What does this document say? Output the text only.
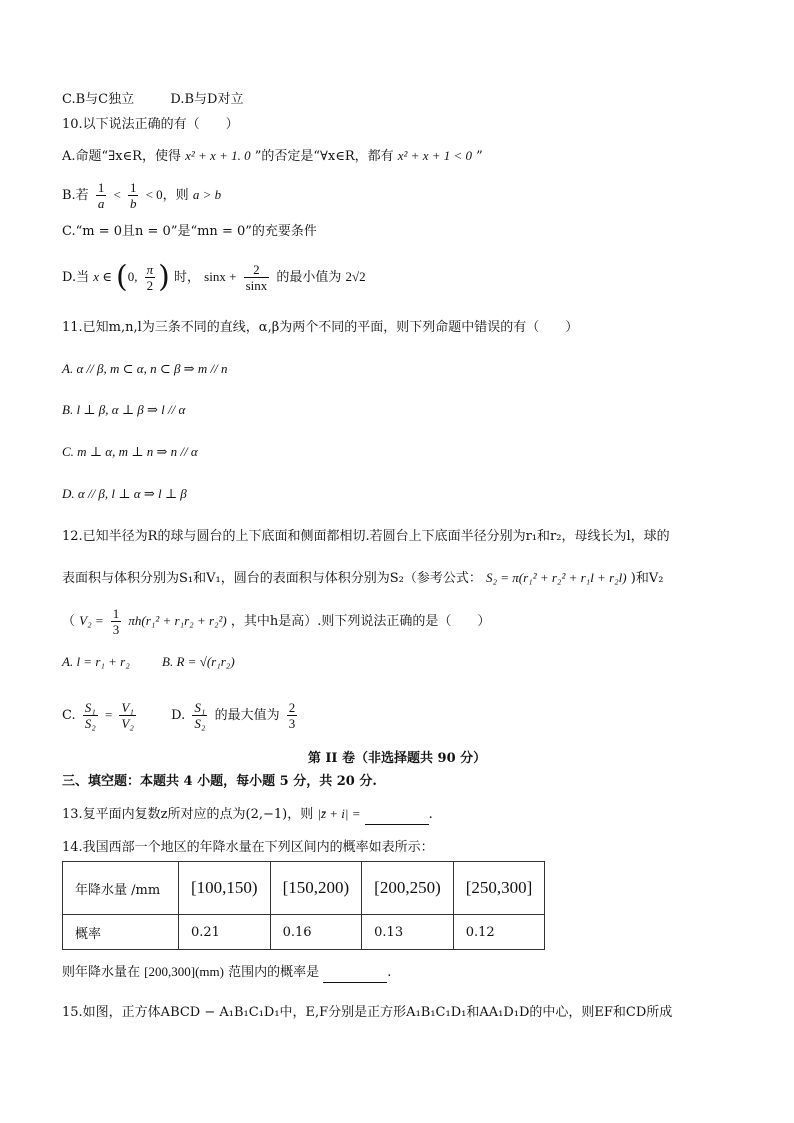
C.B与C独立	D.B与D对立
10.以下说法正确的有（　　）
A.命题“∃x∈R，使得 x² + x + 1. 0 ”的否定是“∀x∈R，都有 x² + x + 1 < 0 ”
B.若 $\frac{1}{a} < \frac{1}{b} < 0$，则 a > b
C.“m = 0且n = 0”是“mn = 0”的充要条件
D.当 x ∈ (0, $\frac{\pi}{2}$ ) 时， $\sin x + \frac{2}{\sin x}$ 的最小值为 2√2
11.已知m,n,l为三条不同的直线，α,β为两个不同的平面，则下列命题中错误的有（　　）
A. α // β, m ⊂ α, n ⊂ β ⇒ m // n
B. l ⊥ β, α ⊥ β ⇒ l // α
C. m ⊥ α, m ⊥ n ⇒ n // α
D. α // β, l ⊥ α ⇒ l ⊥ β
12.已知半径为R的球与圆台的上下底面和侧面都相切.若圆台上下底面半径分别为r₁和r₂，母线长为l，球的
表面积与体积分别为S₁和V₁，圆台的表面积与体积分别为S₂（参考公式： S₂ = π(r₁² + r₂² + r₁l + r₂l) )和V₂
（ $V_2 = \frac{1}{3} \pi h(r_1^2 + r_1r_2 + r_2^2)$ ，其中h是高）.则下列说法正确的是（　　）
A. l = r₁ + r₂ B. R = √(r₁r₂)
C. $\frac{\text{S₁}}{\text{S₂}} = \frac{\text{V₁}}{\text{V₂}}$	D. $\frac{\text{S₁}}{\text{S₂}}$ 的最大值为 $\frac{2}{3}$
第 II 卷（非选择题共 90 分）
三、填空题：本题共 4 小题，每小题 5 分，共 20 分.
13.复平面内复数z所对应的点为(2,−1)，则 |z̄ + i| =	.
14.我国西部一个地区的年降水量在下列区间内的概率如表所示：
年降水量 /mm	[100,150)	[150,200)	[200,250)	[250,300]
概率	0.21	0.16	0.13	0.12
则年降水量在 [200,300](mm) 范围内的概率是	.
15.如图，正方体ABCD − A₁B₁C₁D₁中，E,F分别是正方形A₁B₁C₁D₁和AA₁D₁D的中心，则EF和CD所成
